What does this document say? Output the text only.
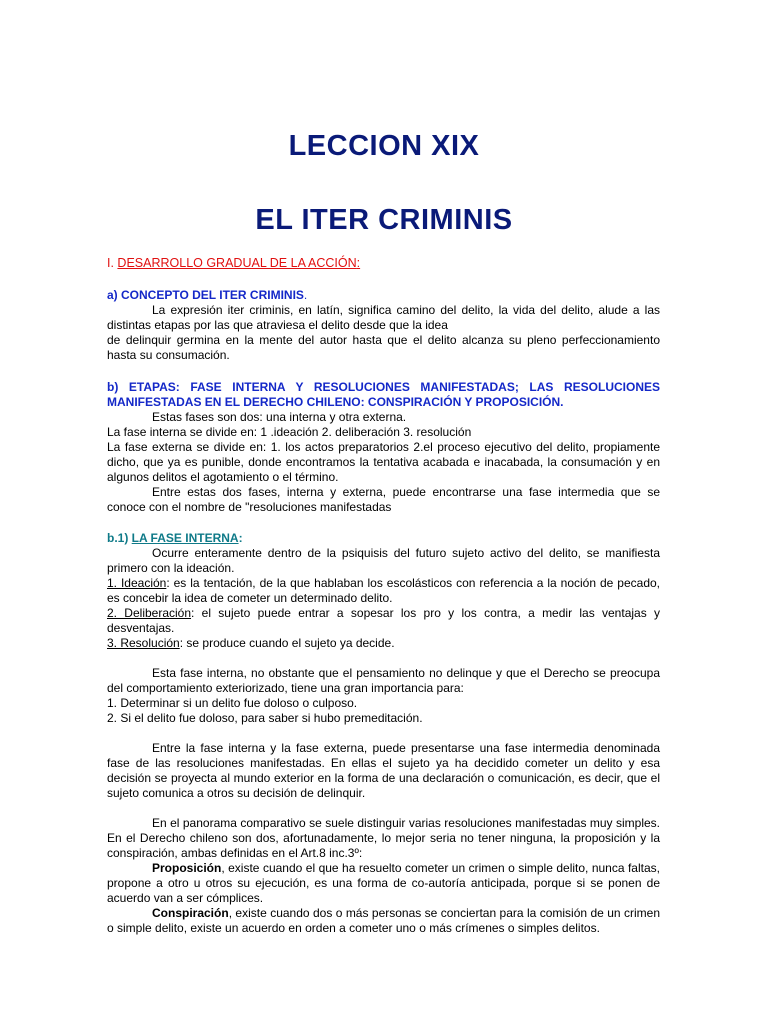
LECCION XIX
EL ITER CRIMINIS

I. DESARROLLO GRADUAL DE LA ACCIÓN:

a) CONCEPTO DEL ITER CRIMINIS.

La expresión iter criminis, en latín, significa camino del delito, la vida del delito, alude a las distintas etapas por las que atraviesa el delito desde que la idea

de delinquir germina en la mente del autor hasta que el delito alcanza su pleno perfeccionamiento hasta su consumación.

b) ETAPAS: FASE INTERNA Y RESOLUCIONES MANIFESTADAS; LAS RESOLUCIONES MANIFESTADAS EN EL DERECHO CHILENO: CONSPIRACIÓN Y PROPOSICIÓN.

Estas fases son dos: una interna y otra externa.

La fase interna se divide en: 1 .ideación 2. deliberación 3. resolución

La fase externa se divide en: 1. los actos preparatorios 2.el proceso ejecutivo del delito, propiamente dicho, que ya es punible, donde encontramos la tentativa acabada e inacabada, la consumación y en algunos delitos el agotamiento o el término.

Entre estas dos fases, interna y externa, puede encontrarse una fase intermedia que se conoce con el nombre de "resoluciones manifestadas

b.1) LA FASE INTERNA:

Ocurre enteramente dentro de la psiquisis del futuro sujeto activo del delito, se manifiesta primero con la ideación.

1. Ideación: es la tentación, de la que hablaban los escolásticos con referencia a la noción de pecado, es concebir la idea de cometer un determinado delito.

2. Deliberación: el sujeto puede entrar a sopesar los pro y los contra, a medir las ventajas y desventajas.

3. Resolución: se produce cuando el sujeto ya decide.

Esta fase interna, no obstante que el pensamiento no delinque y que el Derecho se preocupa del comportamiento exteriorizado, tiene una gran importancia para:

1. Determinar si un delito fue doloso o culposo.

2. Si el delito fue doloso, para saber si hubo premeditación.

Entre la fase interna y la fase externa, puede presentarse una fase intermedia denominada fase de las resoluciones manifestadas. En ellas el sujeto ya ha decidido cometer un delito y esa decisión se proyecta al mundo exterior en la forma de una declaración o comunicación, es decir, que el sujeto comunica a otros su decisión de delinquir.

En el panorama comparativo se suele distinguir varias resoluciones manifestadas muy simples. En el Derecho chileno son dos, afortunadamente, lo mejor seria no tener ninguna, la proposición y la conspiración, ambas definidas en el Art.8 inc.3º:

Proposición, existe cuando el que ha resuelto cometer un crimen o simple delito, nunca faltas, propone a otro u otros su ejecución, es una forma de co-autoría anticipada, porque si se ponen de acuerdo van a ser cómplices.

Conspiración, existe cuando dos o más personas se conciertan para la comisión de un crimen o simple delito, existe un acuerdo en orden a cometer uno o más crímenes o simples delitos.
